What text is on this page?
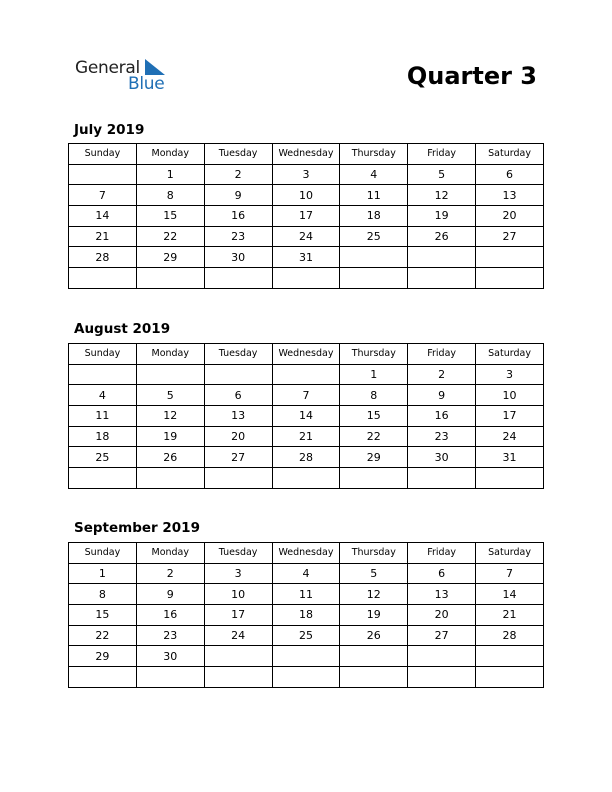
General
Blue	Quarter 3
July 2019
Sunday	Monday	Tuesday	Wednesday	Thursday	Friday	Saturday
	1	2	3	4	5	6
7	8	9	10	11	12	13
14	15	16	17	18	19	20
21	22	23	24	25	26	27
28	29	30	31			

August 2019
Sunday	Monday	Tuesday	Wednesday	Thursday	Friday	Saturday
				1	2	3
4	5	6	7	8	9	10
11	12	13	14	15	16	17
18	19	20	21	22	23	24
25	26	27	28	29	30	31

September 2019
Sunday	Monday	Tuesday	Wednesday	Thursday	Friday	Saturday
1	2	3	4	5	6	7
8	9	10	11	12	13	14
15	16	17	18	19	20	21
22	23	24	25	26	27	28
29	30					
